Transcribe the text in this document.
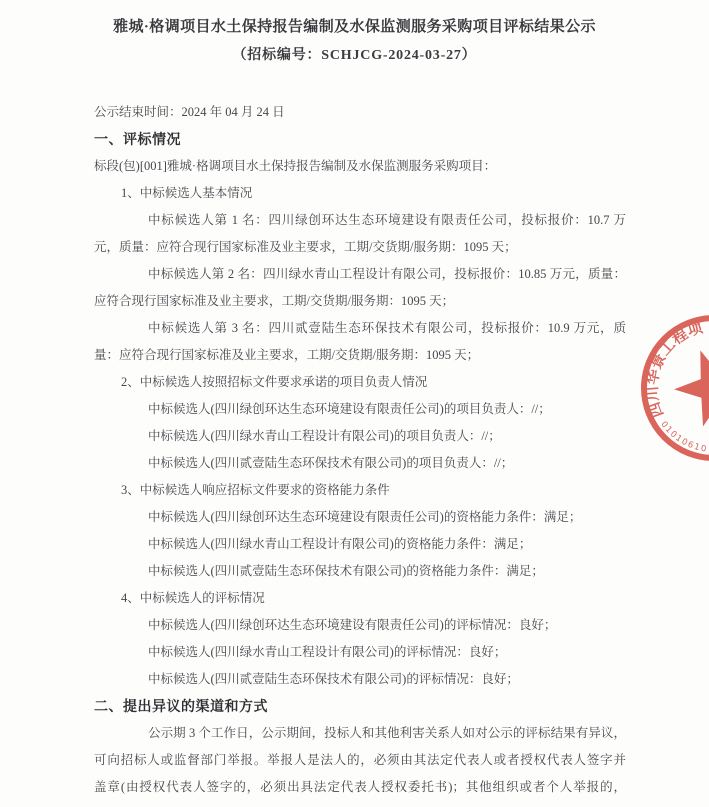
雅城·格调项目水土保持报告编制及水保监测服务采购项目评标结果公示
（招标编号：SCHJCG-2024-03-27）
公示结束时间：2024 年 04 月 24 日
一、评标情况
标段(包)[001]雅城·格调项目水土保持报告编制及水保监测服务采购项目：
1、中标候选人基本情况
中标候选人第 1 名：四川绿创环达生态环境建设有限责任公司，投标报价：10.7 万
元，质量：应符合现行国家标准及业主要求，工期/交货期/服务期：1095 天；
中标候选人第 2 名：四川绿水青山工程设计有限公司，投标报价：10.85 万元，质量：
应符合现行国家标准及业主要求，工期/交货期/服务期：1095 天；
中标候选人第 3 名：四川贰壹陆生态环保技术有限公司，投标报价：10.9 万元，质
量：应符合现行国家标准及业主要求，工期/交货期/服务期：1095 天；
2、中标候选人按照招标文件要求承诺的项目负责人情况
中标候选人(四川绿创环达生态环境建设有限责任公司)的项目负责人：//；
中标候选人(四川绿水青山工程设计有限公司)的项目负责人：//；
中标候选人(四川贰壹陆生态环保技术有限公司)的项目负责人：//；
3、中标候选人响应招标文件要求的资格能力条件
中标候选人(四川绿创环达生态环境建设有限责任公司)的资格能力条件：满足；
中标候选人(四川绿水青山工程设计有限公司)的资格能力条件：满足；
中标候选人(四川贰壹陆生态环保技术有限公司)的资格能力条件：满足；
4、中标候选人的评标情况
中标候选人(四川绿创环达生态环境建设有限责任公司)的评标情况：良好；
中标候选人(四川绿水青山工程设计有限公司)的评标情况：良好；
中标候选人(四川贰壹陆生态环保技术有限公司)的评标情况：良好；
二、提出异议的渠道和方式
公示期 3 个工作日，公示期间，投标人和其他利害关系人如对公示的评标结果有异议，
可向招标人或监督部门举报。举报人是法人的，必须由其法定代表人或者授权代表人签字并
盖章(由授权代表人签字的，必须出具法定代表人授权委托书)；其他组织或者个人举报的，
四川华景工程项
01010610
